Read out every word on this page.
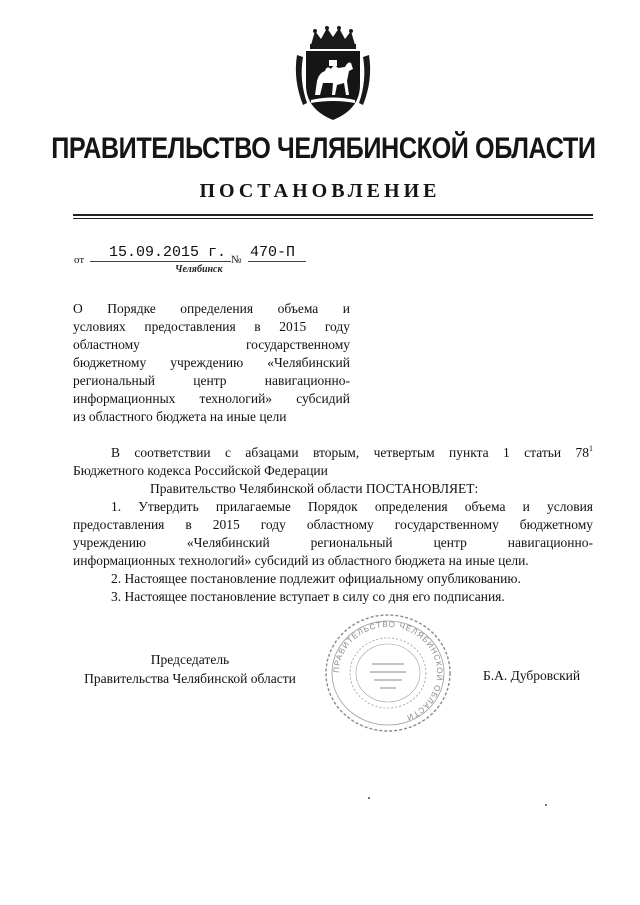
ПРАВИТЕЛЬСТВО ЧЕЛЯБИНСКОЙ ОБЛАСТИ
ПОСТАНОВЛЕНИЕ
от 15.09.2015 г. № 470-П
Челябинск
О Порядке определения объема и
условиях предоставления в 2015 году
областному государственному
бюджетному учреждению «Челябинский
региональный центр навигационно-
информационных технологий» субсидий
из областного бюджета на иные цели

В соответствии с абзацами вторым, четвертым пункта 1 статьи $78^1$
Бюджетного кодекса Российской Федерации

Правительство Челябинской области ПОСТАНОВЛЯЕТ:

1. Утвердить прилагаемые Порядок определения объема и условия
предоставления в 2015 году областному государственному бюджетному
учреждению «Челябинский региональный центр навигационно-
информационных технологий» субсидий из областного бюджета на иные цели.

2. Настоящее постановление подлежит официальному опубликованию.

3. Настоящее постановление вступает в силу со дня его подписания.

Председатель
Правительства Челябинской области
ПРАВИТЕЛЬСТВО ЧЕЛЯБИНСКОЙ ОБЛАСТИ
Б.А. Дубровский
